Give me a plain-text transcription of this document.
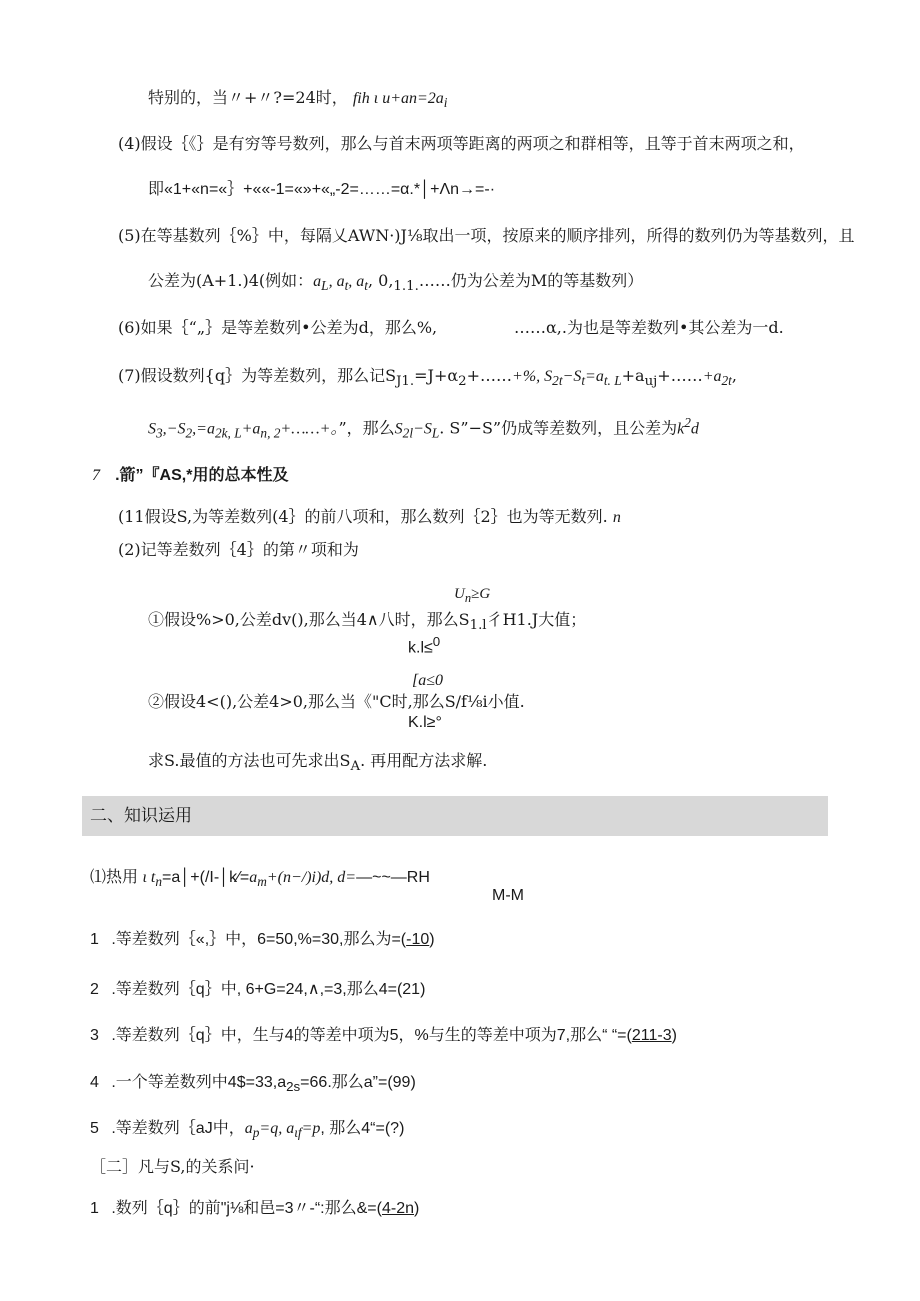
特别的，当〃+〃?=24时， fih ι $u+an=2a_i$
(4)假设｛《｝是有穷等号数列，那么与首末两项等距离的两项之和群相等，且等于首末两项之和，
即«1+«n=«｝+««-1=«»+«„-2=……=α.*│+Λn→=-·
(5)在等基数列｛%｝中，每隔乂AWN·)J⅛取出一项，按原来的顺序排列，所得的数列仍为等基数列，且
公差为(A+1.)4(例如：$a_L$, $a_t$, $a_t$, $0,_{1.1.}\dots\dots$仍为公差为M的等基数列）
(6)如果｛“„｝是等差数列•公差为d，那么%,	……α,.为也是等差数列•其公差为一d.
(7)假设数列{q｝为等差数列，那么记$S_{J1.}=J+\alpha_2+\dots\dots+\%$, $S_{2t}-S_t=a_{t. L}+a_{uj}+\dots\dots+a_{2t}$,
$S_3,-S_2,=a_{2k, L}+a_{n, 2}+\dots\dots+$。”，那么$S_{2l}-S_L$. S”−S”仍成等差数列，且公差为$k^2d$
7 .箭”『AS,*用的总本性及
(11假设S,为等差数列(4｝的前八项和，那么数列｛2｝也为等无数列. n
(2)记等差数列｛4｝的第〃项和为
$U_n\ge G$
①假设%>0,公差dv(),那么当4∧八时，那么$S_{1.l}$彳H1.J大值；
k.l≤$^0$
[a≤0
②假设4<(),公差4>0,那么当《"C时,那么S/f⅛i小值.
K.l≥°
求S.最值的方法也可先求出$S_A$. 再用配方法求解.
二、知识运用
⑴热用 ι $t_n=a│+(/I-│k∕=a_m+(n-/)i)d$, d=—~~—RH
M-M
1 .等差数列｛«,｝中，6=50,%=30,那么为=(-10)
2 .等差数列｛q｝中, 6+G=24,∧,=3,那么4=(21)
3 .等差数列｛q｝中，生与4的等差中项为5，%与生的等差中项为7,那么“ “=(211-3)
4 .一个等差数列中$4\$=33,a_{2s}=66$.那么a”=(99)
5 .等差数列｛aJ中，$a_p=q$, $a_{\iota f}=p$, 那么4“=(?)
［二］凡与S,的关系问·
1 .数列｛q｝的前"j⅛和邑=3〃-“:那么&=(4-2n)
